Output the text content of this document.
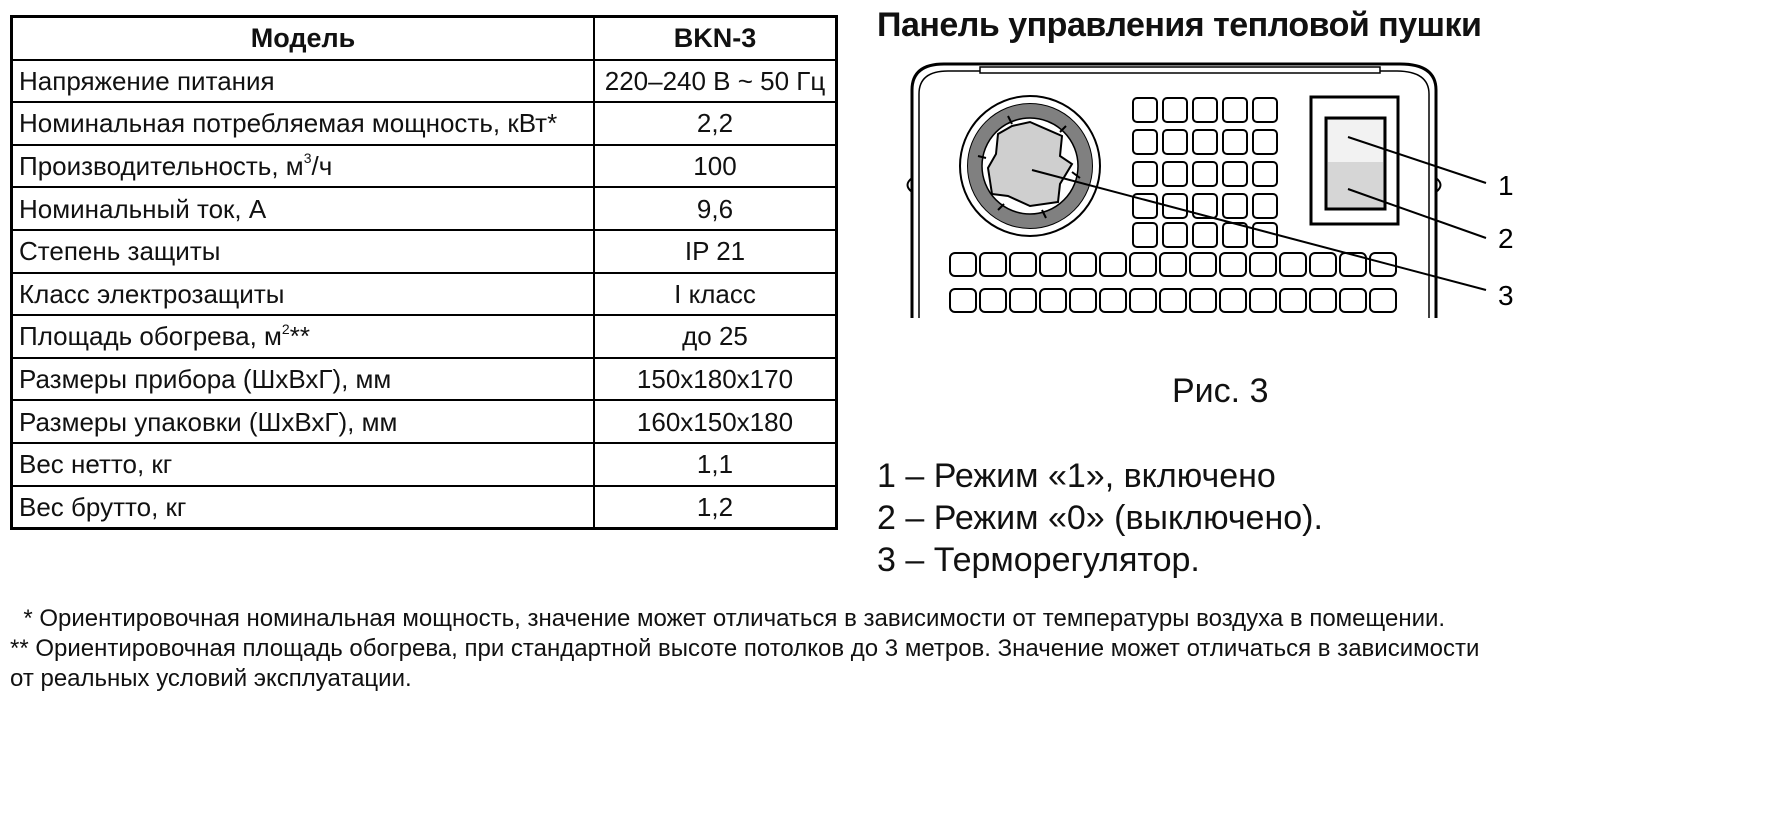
Модель	BKN-3
Напряжение питания	220–240 В ~ 50 Гц
Номинальная потребляемая мощность, кВт*	2,2
Производительность, $м^3/ч$	100
Номинальный ток, А	9,6
Степень защиты	IP 21
Класс электрозащиты	I класс
Площадь обогрева, $м^2**$	до 25
Размеры прибора (ШхВхГ), мм	150x180x170
Размеры упаковки (ШхВхГ), мм	160x150x180
Вес нетто, кг	1,1
Вес брутто, кг	1,2
Панель управления тепловой пушки
1
2
3
Рис. 3
1 – Режим «1», включено
2 – Режим «0» (выключено).
3 – Терморегулятор.
* Ориентировочная номинальная мощность, значение может отличаться в зависимости от температуры воздуха в помещении.
** Ориентировочная площадь обогрева, при стандартной высоте потолков до 3 метров. Значение может отличаться в зависимости
от реальных условий эксплуатации.
